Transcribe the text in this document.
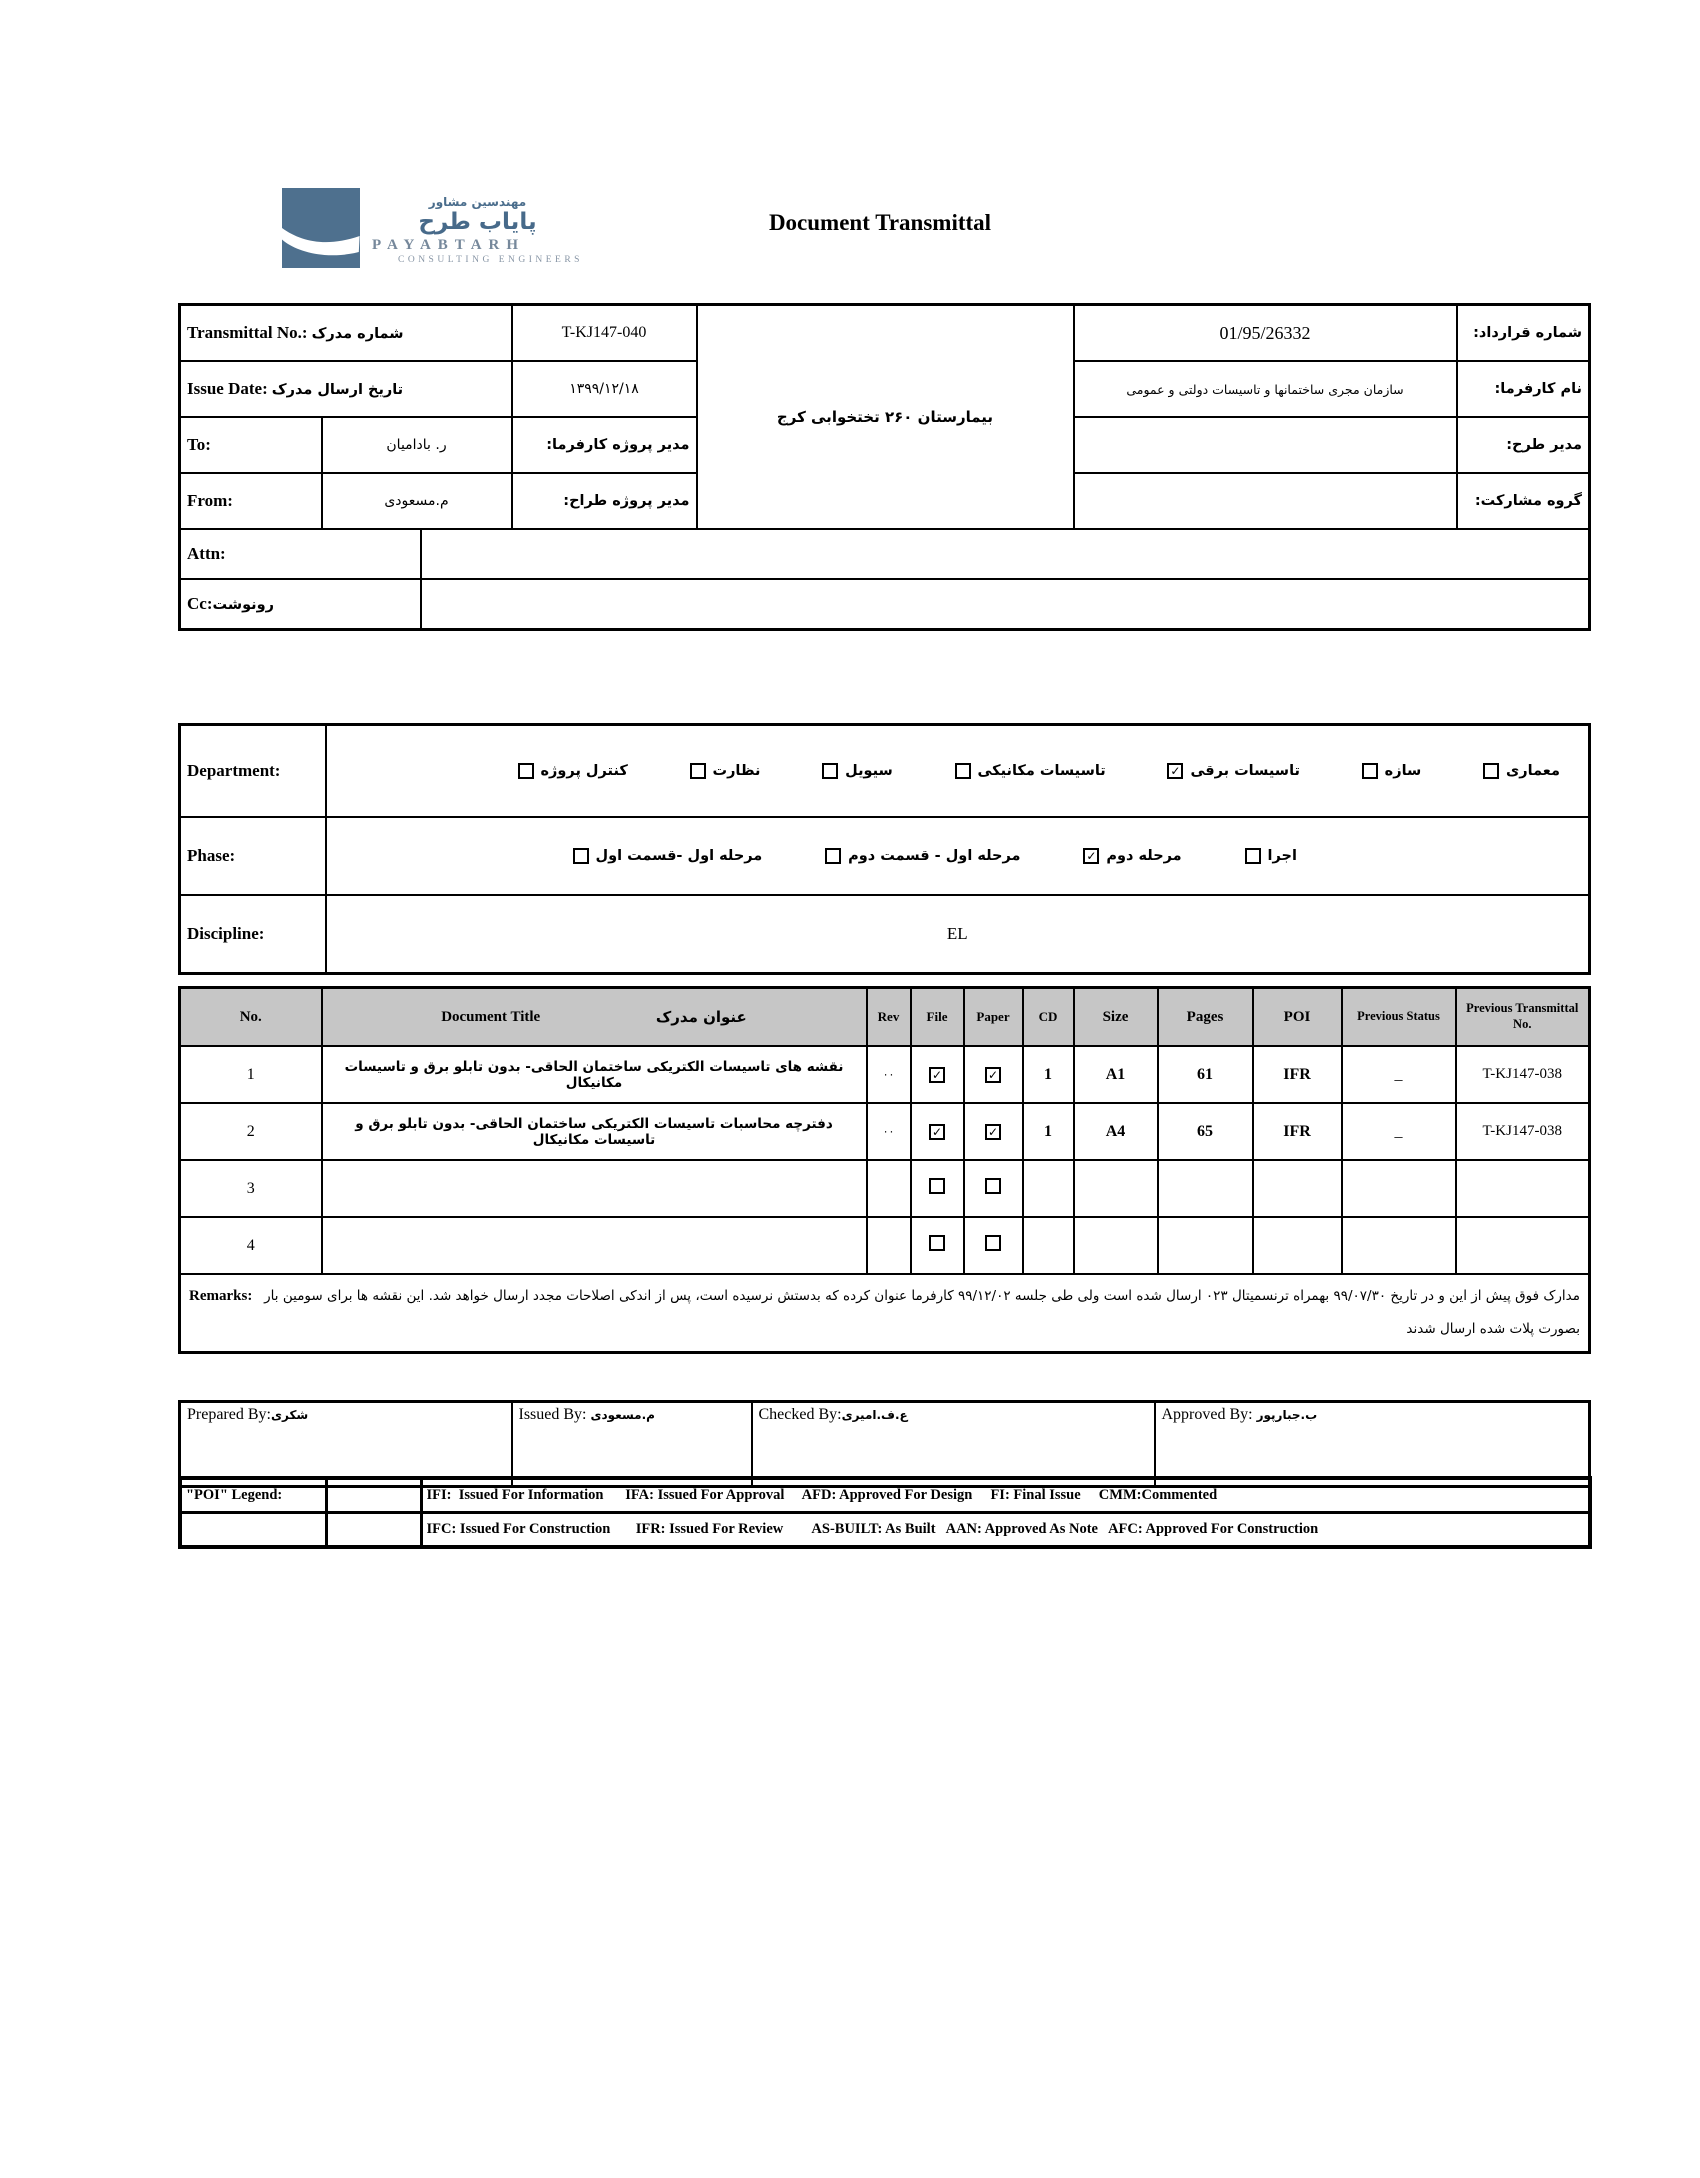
مهندسین مشاور
پایاب طرح
PAYABTARH
CONSULTING ENGINEERS
Document Transmittal
Transmittal No.: شماره مدرک			T-KJ147-040	بیمارستان ۲۶۰ تختخوابی کرج	01/95/26332	شماره قرارداد:
Issue Date: تاریخ ارسال مدرک			۱۳۹۹/۱۲/۱۸		سازمان مجری ساختمانها و تاسیسات دولتی و عمومی	نام کارفرما:
To:	ر. بادامیان		مدیر پروژه کارفرما:			مدیر طرح:
From:	م.مسعودی		مدیر پروژه طراح:			گروه مشارکت:
Attn:						
Cc:رونوشت						
Department:	کنترل پروژه	نظارت	سیویل	تاسیسات مکانیکی	✓ تاسیسات برقی	سازه	معماری

Phase:	مرحله اول -قسمت اول مرحله اول - قسمت دوم ✓ مرحله دوم اجرا

Discipline:	EL
No.	Document Title عنوان مدرک	Rev	File	Paper	CD	Size	Pages	POI	Previous Status	Previous Transmittal No.
1	نقشه های تاسیسات الکتریکی ساختمان الحاقی- بدون تابلو برق و تاسیسات مکانیکال	۰۰	✓	✓	1	A1	61	IFR	_	T-KJ147-038
2	دفترچه محاسبات تاسیسات الکتریکی ساختمان الحاقی- بدون تابلو برق و تاسیسات مکانیکال	۰۰	✓	✓	1	A4	65	IFR	_	T-KJ147-038
3										
4										

Remarks: مدارک فوق پیش از این و در تاریخ ۹۹/۰۷/۳۰ بهمراه ترنسمیتال ۰۲۳ ارسال شده است ولی طی جلسه ۹۹/۱۲/۰۲ کارفرما عنوان کرده که بدستش نرسیده است، پس از اندکی اصلاحات مجدد ارسال خواهد شد. این نقشه ها برای سومین بار بصورت پلات شده ارسال شدند										
Prepared By:شکری	Issued By: م.مسعودی	Checked By:ع.ف.امیری	Approved By: ب.جبارپور
"POI" Legend:		IFI:  Issued For Information      IFA: Issued For Approval     AFD: Approved For Design     FI: Final Issue     CMM:Commented
		IFC: Issued For Construction       IFR: Issued For Review        AS-BUILT: As Built   AAN: Approved As Note   AFC: Approved For Construction
